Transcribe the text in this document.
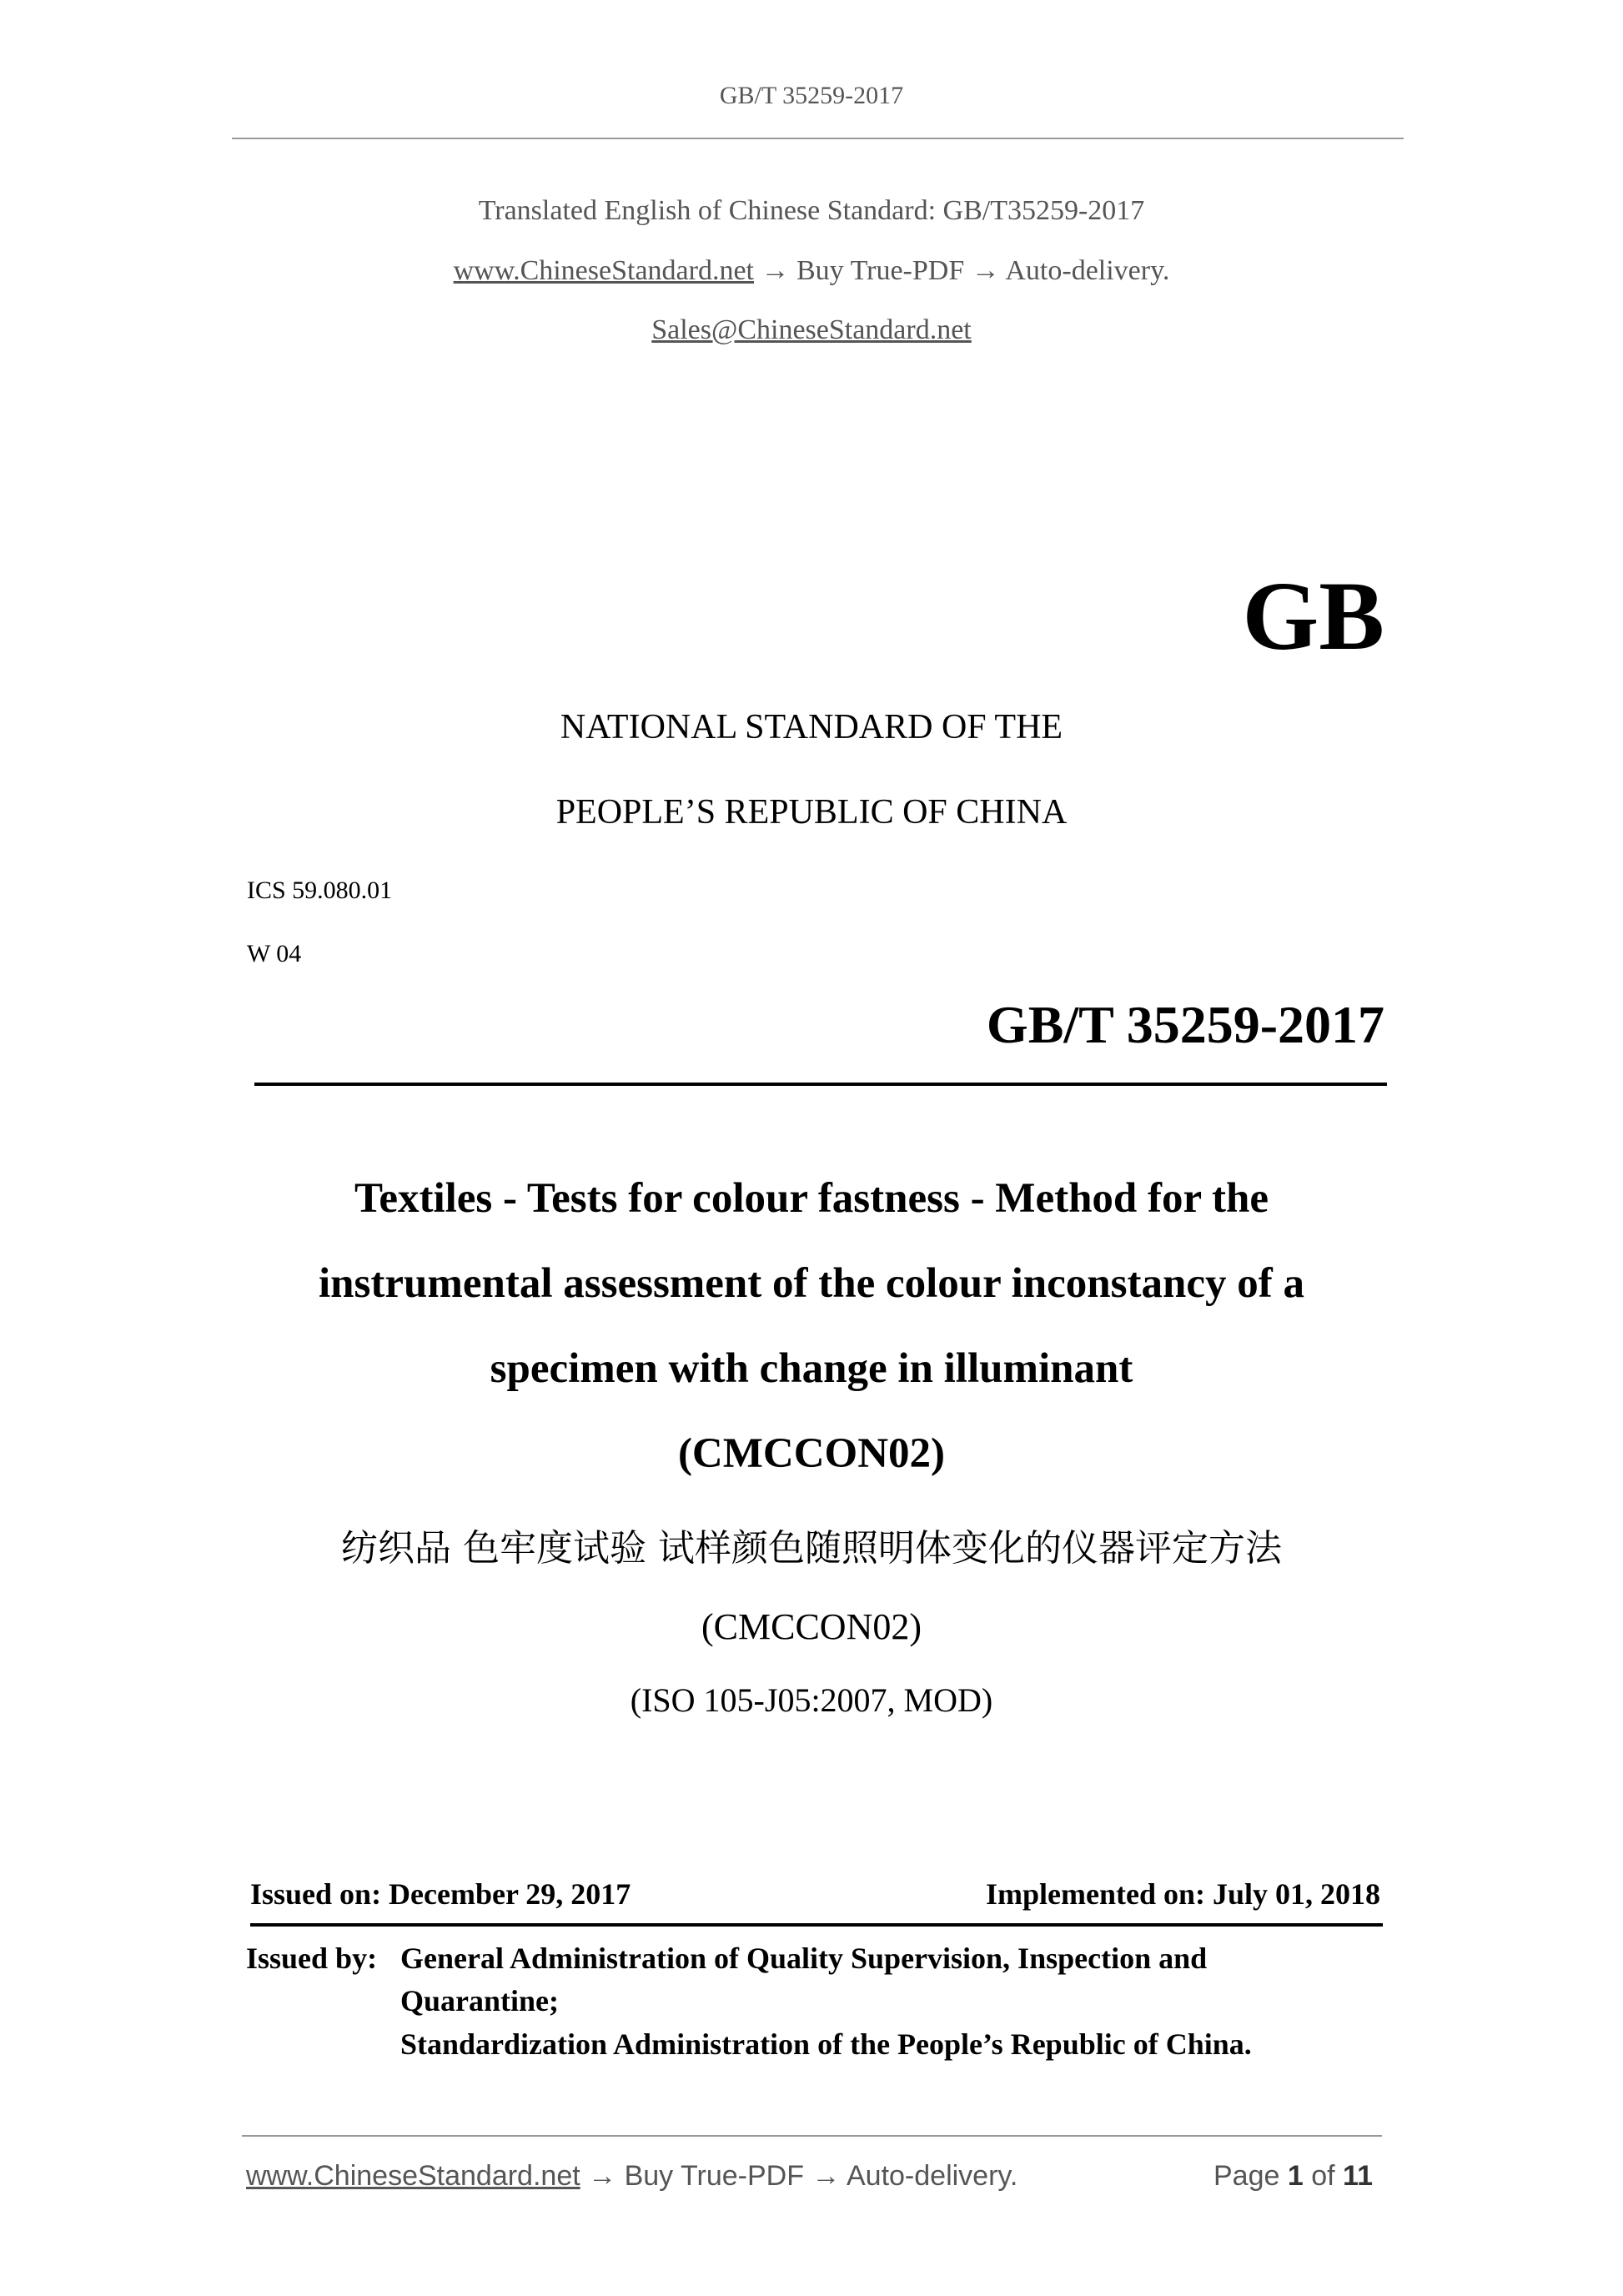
GB/T 35259-2017
Translated English of Chinese Standard: GB/T35259-2017
www.ChineseStandard.net → Buy True-PDF → Auto-delivery.
Sales@ChineseStandard.net
GB
NATIONAL STANDARD OF THE
PEOPLE’S REPUBLIC OF CHINA
ICS 59.080.01
W 04
GB/T 35259-2017
Textiles - Tests for colour fastness - Method for the
instrumental assessment of the colour inconstancy of a
specimen with change in illuminant
(CMCCON02)
纺织品 色牢度试验 试样颜色随照明体变化的仪器评定方法
(CMCCON02)
(ISO 105-J05:2007, MOD)
Issued on: December 29, 2017	Implemented on: July 01, 2018
Issued by: General Administration of Quality Supervision, Inspection and
Quarantine;
Standardization Administration of the People’s Republic of China.
www.ChineseStandard.net → Buy True-PDF → Auto-delivery.	Page 1 of 11
